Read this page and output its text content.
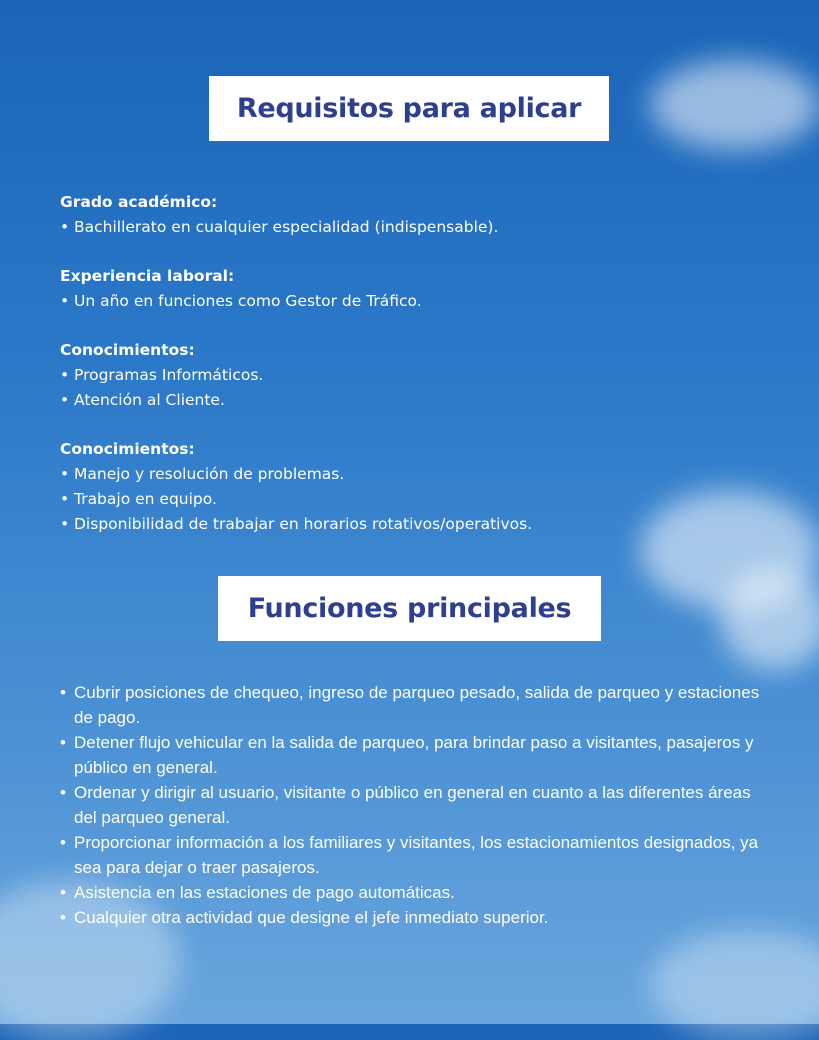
Requisitos para aplicar
Grado académico:
• Bachillerato en cualquier especialidad (indispensable).
Experiencia laboral:
• Un año en funciones como Gestor de Tráfico.
Conocimientos:
• Programas Informáticos.
• Atención al Cliente.
Conocimientos:
• Manejo y resolución de problemas.
• Trabajo en equipo.
• Disponibilidad de trabajar en horarios rotativos/operativos.
Funciones principales
• Cubrir posiciones de chequeo, ingreso de parqueo pesado, salida de parqueo y estaciones de pago.
• Detener flujo vehicular en la salida de parqueo, para brindar paso a visitantes, pasajeros y público en general.
• Ordenar y dirigir al usuario, visitante o público en general en cuanto a las diferentes áreas del parqueo general.
• Proporcionar información a los familiares y visitantes, los estacionamientos designados, ya sea para dejar o traer pasajeros.
• Asistencia en las estaciones de pago automáticas.
• Cualquier otra actividad que designe el jefe inmediato superior.
